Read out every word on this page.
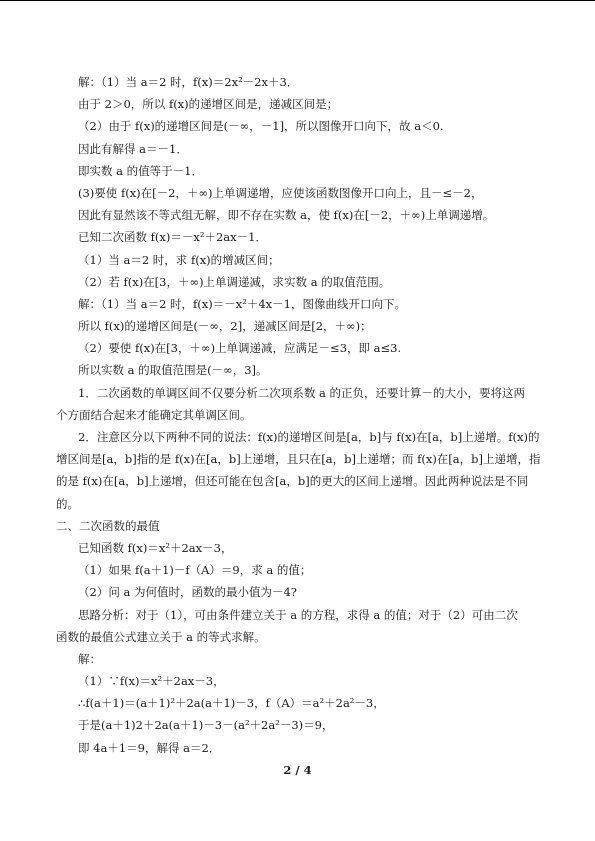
解：（1）当 a＝2 时，f(x)＝2x²－2x＋3．
由于 2＞0，所以 f(x)的递增区间是，递减区间是；
（2）由于 f(x)的递增区间是(－∞，－1]，所以图像开口向下，故 a＜0.
因此有解得 a＝－1．
即实数 a 的值等于－1．
(3)要使 f(x)在[－2，＋∞)上单调递增，应使该函数图像开口向上，且－≤－2，
因此有显然该不等式组无解，即不存在实数 a，使 f(x)在[－2，＋∞)上单调递增。
已知二次函数 f(x)＝－x²＋2ax－1．
（1）当 a＝2 时，求 f(x)的增减区间；
（2）若 f(x)在[3，＋∞)上单调递减，求实数 a 的取值范围。
解：（1）当 a＝2 时，f(x)＝－x²＋4x－1，图像曲线开口向下。
所以 f(x)的递增区间是(－∞，2]，递减区间是[2，＋∞)；
（2）要使 f(x)在[3，＋∞)上单调递减，应满足－≤3，即 a≤3.
所以实数 a 的取值范围是(－∞，3]。
1．二次函数的单调区间不仅要分析二次项系数 a 的正负，还要计算－的大小，要将这两
个方面结合起来才能确定其单调区间。
2．注意区分以下两种不同的说法：f(x)的递增区间是[a，b]与 f(x)在[a，b]上递增。f(x)的
增区间是[a，b]指的是 f(x)在[a，b]上递增，且只在[a，b]上递增；而 f(x)在[a，b]上递增，指
的是 f(x)在[a，b]上递增，但还可能在包含[a，b]的更大的区间上递增。因此两种说法是不同
的。
二、二次函数的最值
已知函数 f(x)＝x²＋2ax－3，
（1）如果 f(a＋1)－f（A）＝9，求 a 的值；
（2）问 a 为何值时，函数的最小值为－4?
思路分析：对于（1），可由条件建立关于 a 的方程，求得 a 的值；对于（2）可由二次
函数的最值公式建立关于 a 的等式求解。
解：
（1）∵f(x)＝x²＋2ax－3，
∴f(a＋1)＝(a＋1)²＋2a(a＋1)－3，f（A）＝a²＋2a²－3，
于是(a＋1)2＋2a(a＋1)－3－(a²＋2a²－3)＝9，
即 4a＋1＝9，解得 a＝2．
2 / 4
